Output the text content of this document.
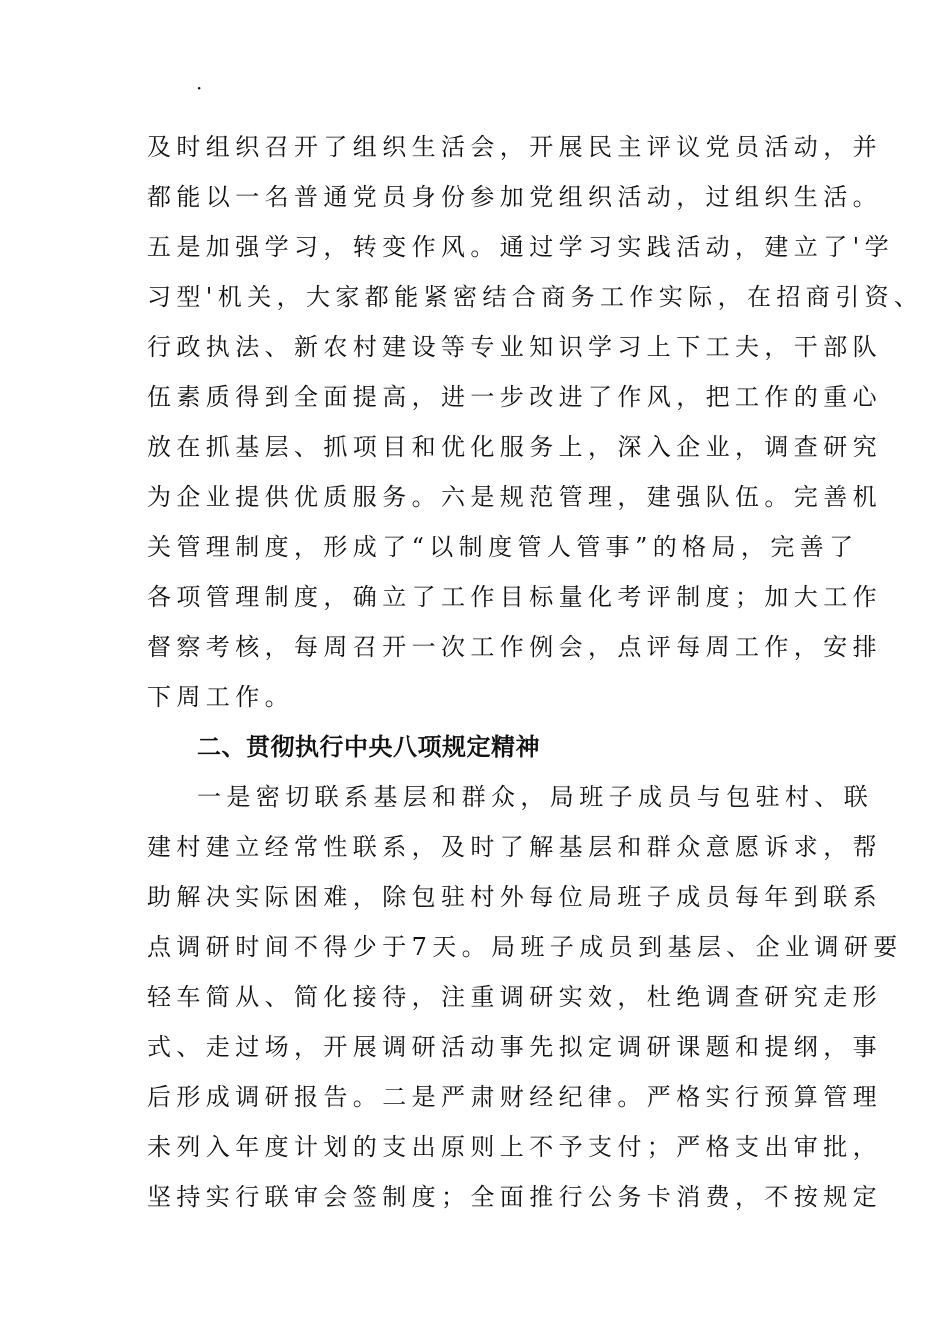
·
及时组织召开了组织生活会，开展民主评议党员活动，并
都能以一名普通党员身份参加党组织活动，过组织生活。
五是加强学习，转变作风。通过学习实践活动，建立了'学
习型'机关，大家都能紧密结合商务工作实际，在招商引资、
行政执法、新农村建设等专业知识学习上下工夫，干部队
伍素质得到全面提高，进一步改进了作风，把工作的重心
放在抓基层、抓项目和优化服务上，深入企业，调查研究
为企业提供优质服务。六是规范管理，建强队伍。完善机
关管理制度，形成了“以制度管人管事”的格局，完善了
各项管理制度，确立了工作目标量化考评制度；加大工作
督察考核，每周召开一次工作例会，点评每周工作，安排
下周工作。
二、贯彻执行中央八项规定精神
一是密切联系基层和群众，局班子成员与包驻村、联
建村建立经常性联系，及时了解基层和群众意愿诉求，帮
助解决实际困难，除包驻村外每位局班子成员每年到联系
点调研时间不得少于7天。局班子成员到基层、企业调研要
轻车简从、简化接待，注重调研实效，杜绝调查研究走形
式、走过场，开展调研活动事先拟定调研课题和提纲，事
后形成调研报告。二是严肃财经纪律。严格实行预算管理
未列入年度计划的支出原则上不予支付；严格支出审批，
坚持实行联审会签制度；全面推行公务卡消费，不按规定
